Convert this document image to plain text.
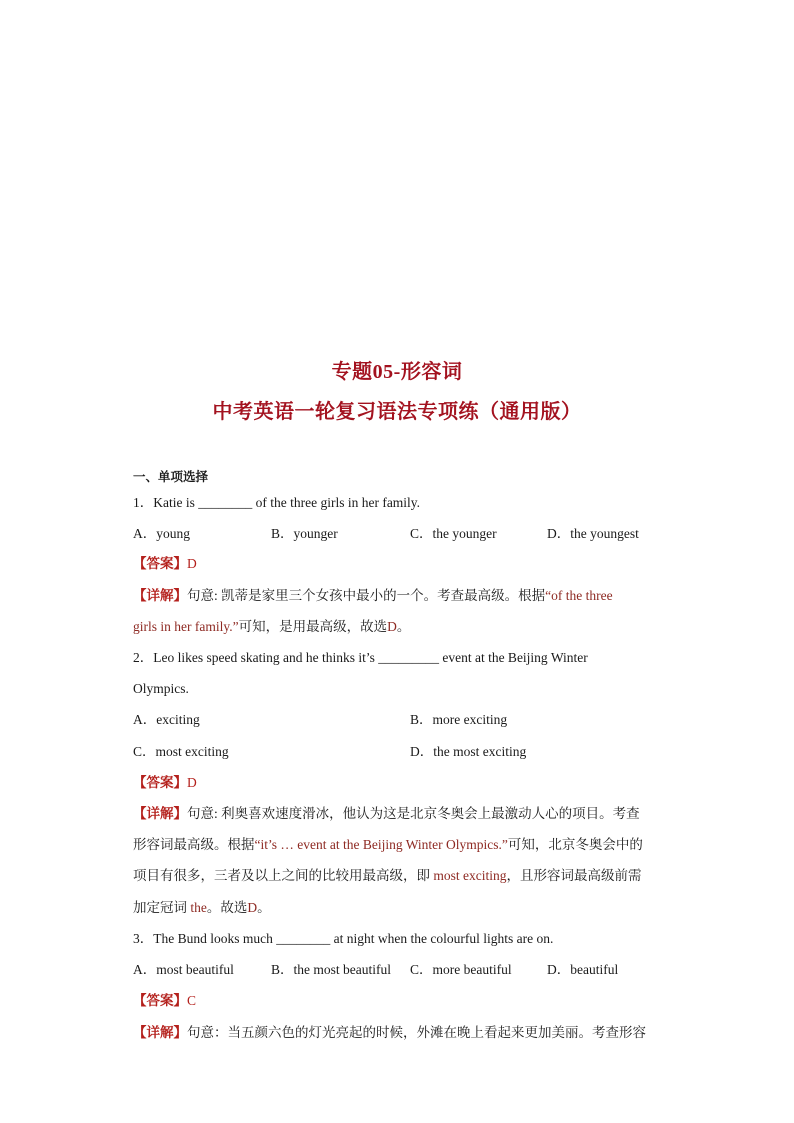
专题05-形容词
中考英语一轮复习语法专项练（通用版）
一、单项选择
1．Katie is ________ of the three girls in her family.
A．young	B．younger	C．the younger	D．the youngest
【答案】D
【详解】句意: 凯蒂是家里三个女孩中最小的一个。考查最高级。根据“of the three
girls in her family.”可知，是用最高级，故选D。
2．Leo likes speed skating and he thinks it’s _________ event at the Beijing Winter
Olympics.
A．exciting	B．more exciting
C．most exciting	D．the most exciting
【答案】D
【详解】句意: 利奥喜欢速度滑冰，他认为这是北京冬奥会上最激动人心的项目。考查
形容词最高级。根据“it’s … event at the Beijing Winter Olympics.”可知，北京冬奥会中的
项目有很多，三者及以上之间的比较用最高级，即 most exciting，且形容词最高级前需
加定冠词 the。故选D。
3．The Bund looks much ________ at night when the colourful lights are on.
A．most beautiful	B．the most beautiful C．more beautiful	D．beautiful
【答案】C
【详解】句意：当五颜六色的灯光亮起的时候，外滩在晚上看起来更加美丽。考查形容
